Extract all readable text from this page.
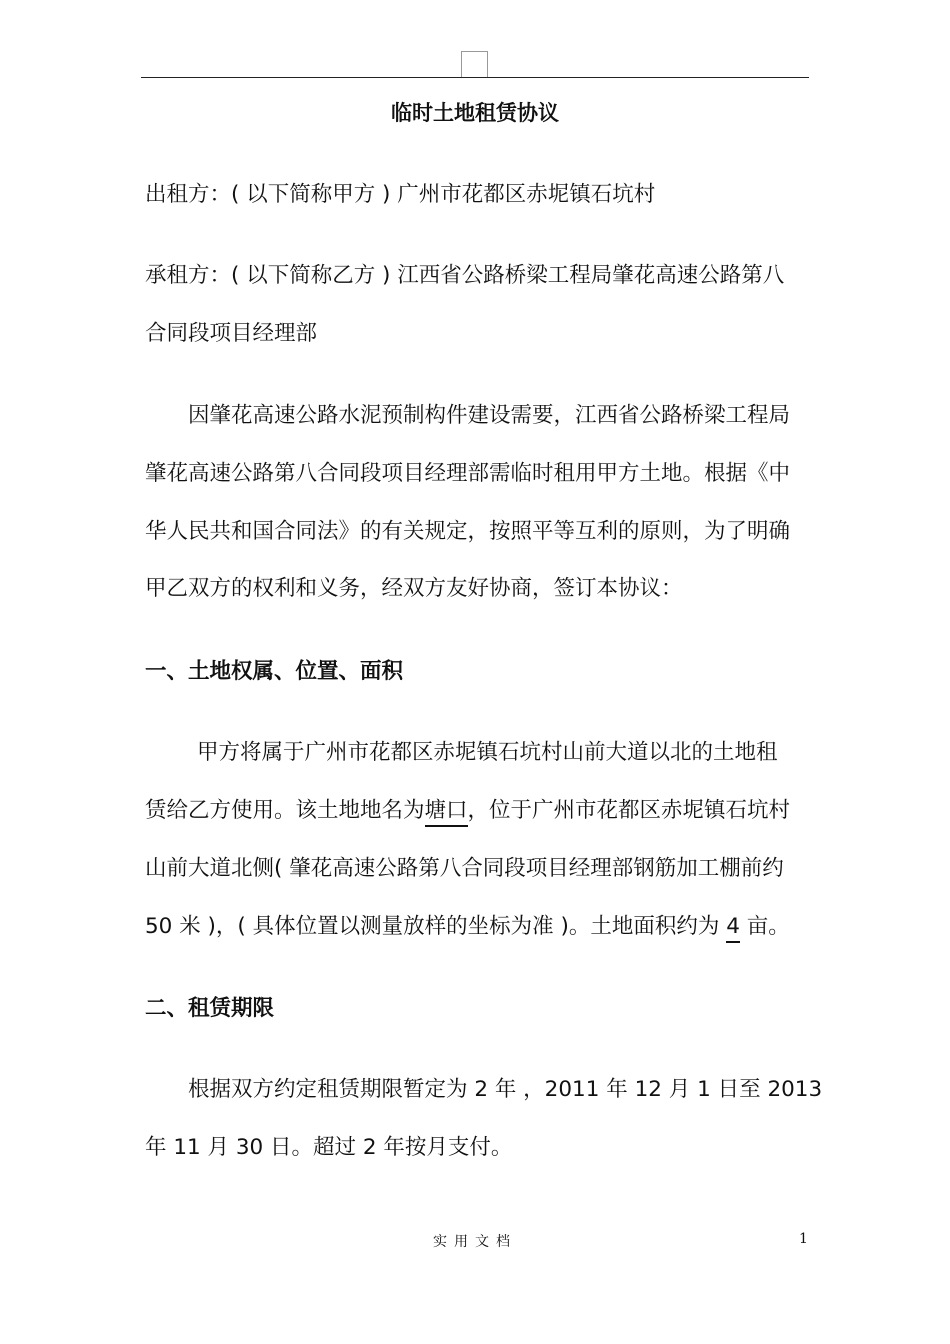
临时土地租赁协议
出租方：( 以下简称甲方 ) 广州市花都区赤坭镇石坑村
承租方：( 以下简称乙方 ) 江西省公路桥梁工程局肇花高速公路第八
合同段项目经理部
因肇花高速公路水泥预制构件建设需要，江西省公路桥梁工程局
肇花高速公路第八合同段项目经理部需临时租用甲方土地。根据《中
华人民共和国合同法》的有关规定，按照平等互利的原则，为了明确
甲乙双方的权利和义务，经双方友好协商，签订本协议：
一、土地权属、位置、面积
甲方将属于广州市花都区赤坭镇石坑村山前大道以北的土地租
赁给乙方使用。该土地地名为塘口，位于广州市花都区赤坭镇石坑村
山前大道北侧( 肇花高速公路第八合同段项目经理部钢筋加工棚前约
50 米 )，( 具体位置以测量放样的坐标为准 )。土地面积约为 4 亩。
二、租赁期限
根据双方约定租赁期限暂定为 2 年 ，2011 年 12 月 1 日至 2013
年 11 月 30 日。超过 2 年按月支付。
实用文档	1
